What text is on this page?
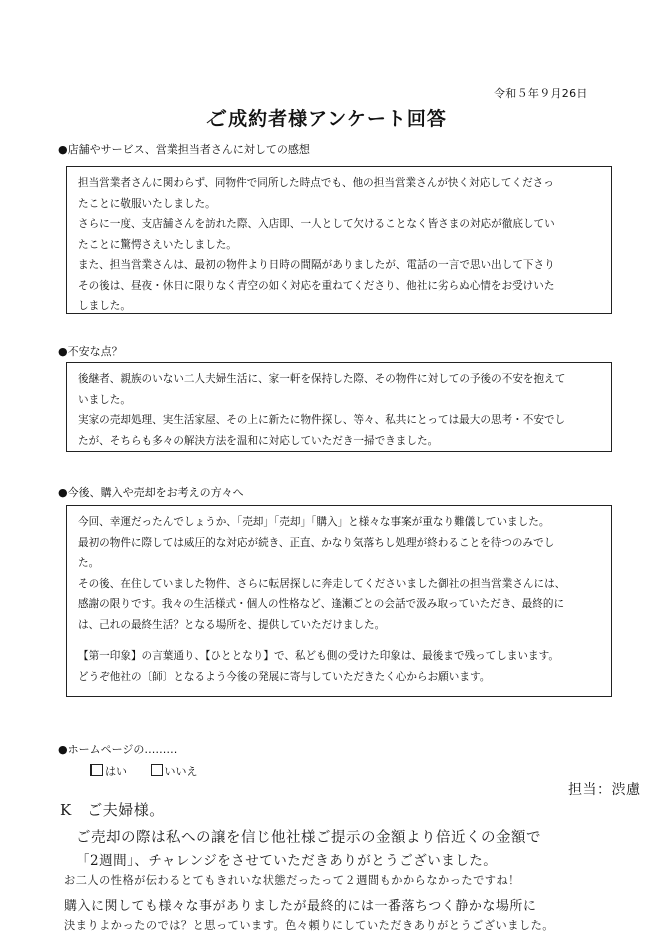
令和５年９月26日
ご
成約者様アンケート回答
●店舗やサービス、営業担当者さんに対しての感想

担当営業者さんに関わらず、同物件で同所した時点でも、他の担当営業さんが快く対応してくださっ
たことに敬服いたしました。

さらに一度、支店舗さんを訪れた際、入店即、一人として欠けることなく皆さまの対応が徹底してい
たことに驚愕さえいたしました。

また、担当営業さんは、最初の物件より日時の間隔がありましたが、電話の一言で思い出して下さり
その後は、昼夜・休日に限りなく青空の如く対応を重ねてくださり、他社に劣らぬ心情をお受けいた
しました。

●不安な点？

後継者、親族のいない二人夫婦生活に、家一軒を保持した際、その物件に対しての予後の不安を抱えて
いました。

実家の売却処理、実生活家屋、その上に新たに物件探し、等々、私共にとっては最大の思考・不安でし
たが、そちらも多々の解決方法を温和に対応していただき一掃できました。

●今後、購入や売却をお考えの方々へ

今回、幸運だったんでしょうか、「売却」「売却」「購入」と様々な事案が重なり難儀していました。
最初の物件に際しては威圧的な対応が続き、正直、かなり気落ちし処理が終わることを待つのみでし
た。

その後、在住していました物件、さらに転居探しに奔走してくださいました御社の担当営業さんには、
感謝の限りです。我々の生活様式・個人の性格など、逢瀬ごとの会話で汲み取っていただき、最終的に
は、己れの最終生活？となる場所を、提供していただけました。

【第一印象】の言葉通り、【ひととなり】で、私ども側の受けた印象は、最後まで残ってしまいます。
どうぞ他社の〔師〕となるよう今後の発展に寄与していただきたく心からお願います。

●ホームページの………
はい	いいえ
担当：渋慮
K　ご夫婦様。
ご売却の際は私への譲を信じ他社様ご提示の金額より倍近くの金額で
「2週間」、チャレンジをさせていただきありがとうございました。
お二人の性格が伝わるとてもきれいな状態だったって２週間もかからなかったですね！
購入に関しても様々な事がありましたが最終的には一番落ちつく静かな場所に
決まりよかったのでは？と思っています。色々頼りにしていただきありがとうございました。
